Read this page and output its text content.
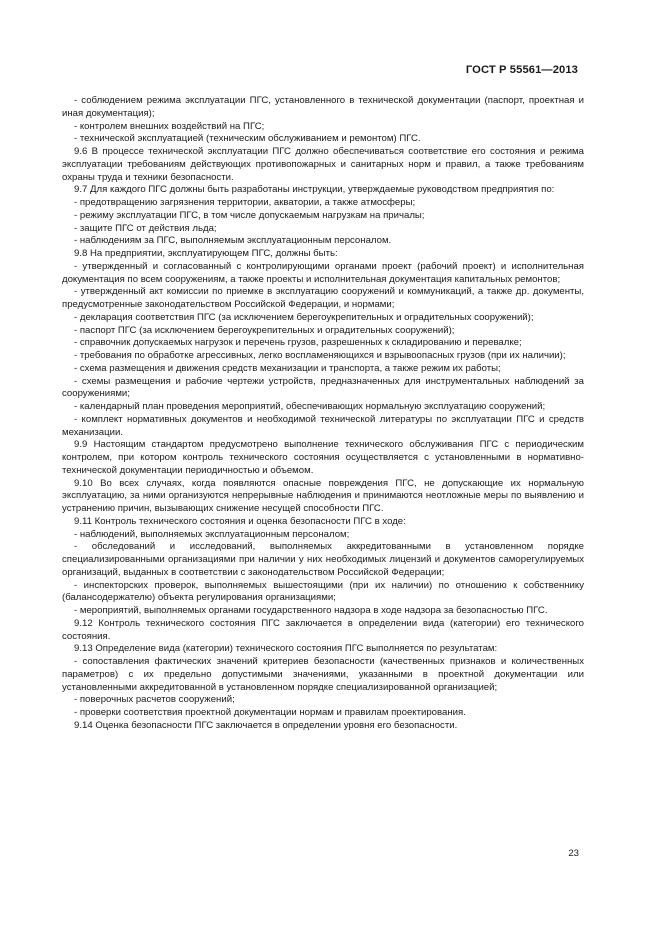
ГОСТ Р 55561—2013

- соблюдением режима эксплуатации ПГС, установленного в технической документации (паспорт, проектная и иная документация);

- контролем внешних воздействий на ПГС;

- технической эксплуатацией (техническим обслуживанием и ремонтом) ПГС.

9.6 В процессе технической эксплуатации ПГС должно обеспечиваться соответствие его состояния и режима эксплуатации требованиям действующих противопожарных и санитарных норм и правил, а также требованиям охраны труда и техники безопасности.

9.7 Для каждого ПГС должны быть разработаны инструкции, утверждаемые руководством предприятия по:

- предотвращению загрязнения территории, акватории, а также атмосферы;

- режиму эксплуатации ПГС, в том числе допускаемым нагрузкам на причалы;

- защите ПГС от действия льда;

- наблюдениям за ПГС, выполняемым эксплуатационным персоналом.

9.8 На предприятии, эксплуатирующем ПГС, должны быть:

- утвержденный и согласованный с контролирующими органами проект (рабочий проект) и исполнительная документация по всем сооружениям, а также проекты и исполнительная документация капитальных ремонтов;

- утвержденный акт комиссии по приемке в эксплуатацию сооружений и коммуникаций, а также др. документы, предусмотренные законодательством Российской Федерации, и нормами;

- декларация соответствия ПГС (за исключением берегоукрепительных и оградительных сооружений);

- паспорт ПГС (за исключением берегоукрепительных и оградительных сооружений);

- справочник допускаемых нагрузок и перечень грузов, разрешенных к складированию и перевалке;

- требования по обработке агрессивных, легко воспламеняющихся и взрывоопасных грузов (при их наличии);

- схема размещения и движения средств механизации и транспорта, а также режим их работы;

- схемы размещения и рабочие чертежи устройств, предназначенных для инструментальных наблюдений за сооружениями;

- календарный план проведения мероприятий, обеспечивающих нормальную эксплуатацию сооружений;

- комплект нормативных документов и необходимой технической литературы по эксплуатации ПГС и средств механизации.

9.9 Настоящим стандартом предусмотрено выполнение технического обслуживания ПГС с периодическим контролем, при котором контроль технического состояния осуществляется с установленными в нормативно-технической документации периодичностью и объемом.

9.10 Во всех случаях, когда появляются опасные повреждения ПГС, не допускающие их нормальную эксплуатацию, за ними организуются непрерывные наблюдения и принимаются неотложные меры по выявлению и устранению причин, вызывающих снижение несущей способности ПГС.

9.11 Контроль технического состояния и оценка безопасности ПГС в ходе:

- наблюдений, выполняемых эксплуатационным персоналом;

- обследований и исследований, выполняемых аккредитованными в установленном порядке специализированными организациями при наличии у них необходимых лицензий и документов саморегулируемых организаций, выданных в соответствии с законодательством Российской Федерации;

- инспекторских проверок, выполняемых вышестоящими (при их наличии) по отношению к собственнику (балансодержателю) объекта регулирования организациями;

- мероприятий, выполняемых органами государственного надзора в ходе надзора за безопасностью ПГС.

9.12 Контроль технического состояния ПГС заключается в определении вида (категории) его технического состояния.

9.13 Определение вида (категории) технического состояния ПГС выполняется по результатам:

- сопоставления фактических значений критериев безопасности (качественных признаков и количественных параметров) с их предельно допустимыми значениями, указанными в проектной документации или установленными аккредитованной в установленном порядке специализированной организацией;

- поверочных расчетов сооружений;

- проверки соответствия проектной документации нормам и правилам проектирования.

9.14 Оценка безопасности ПГС заключается в определении уровня его безопасности.

23
